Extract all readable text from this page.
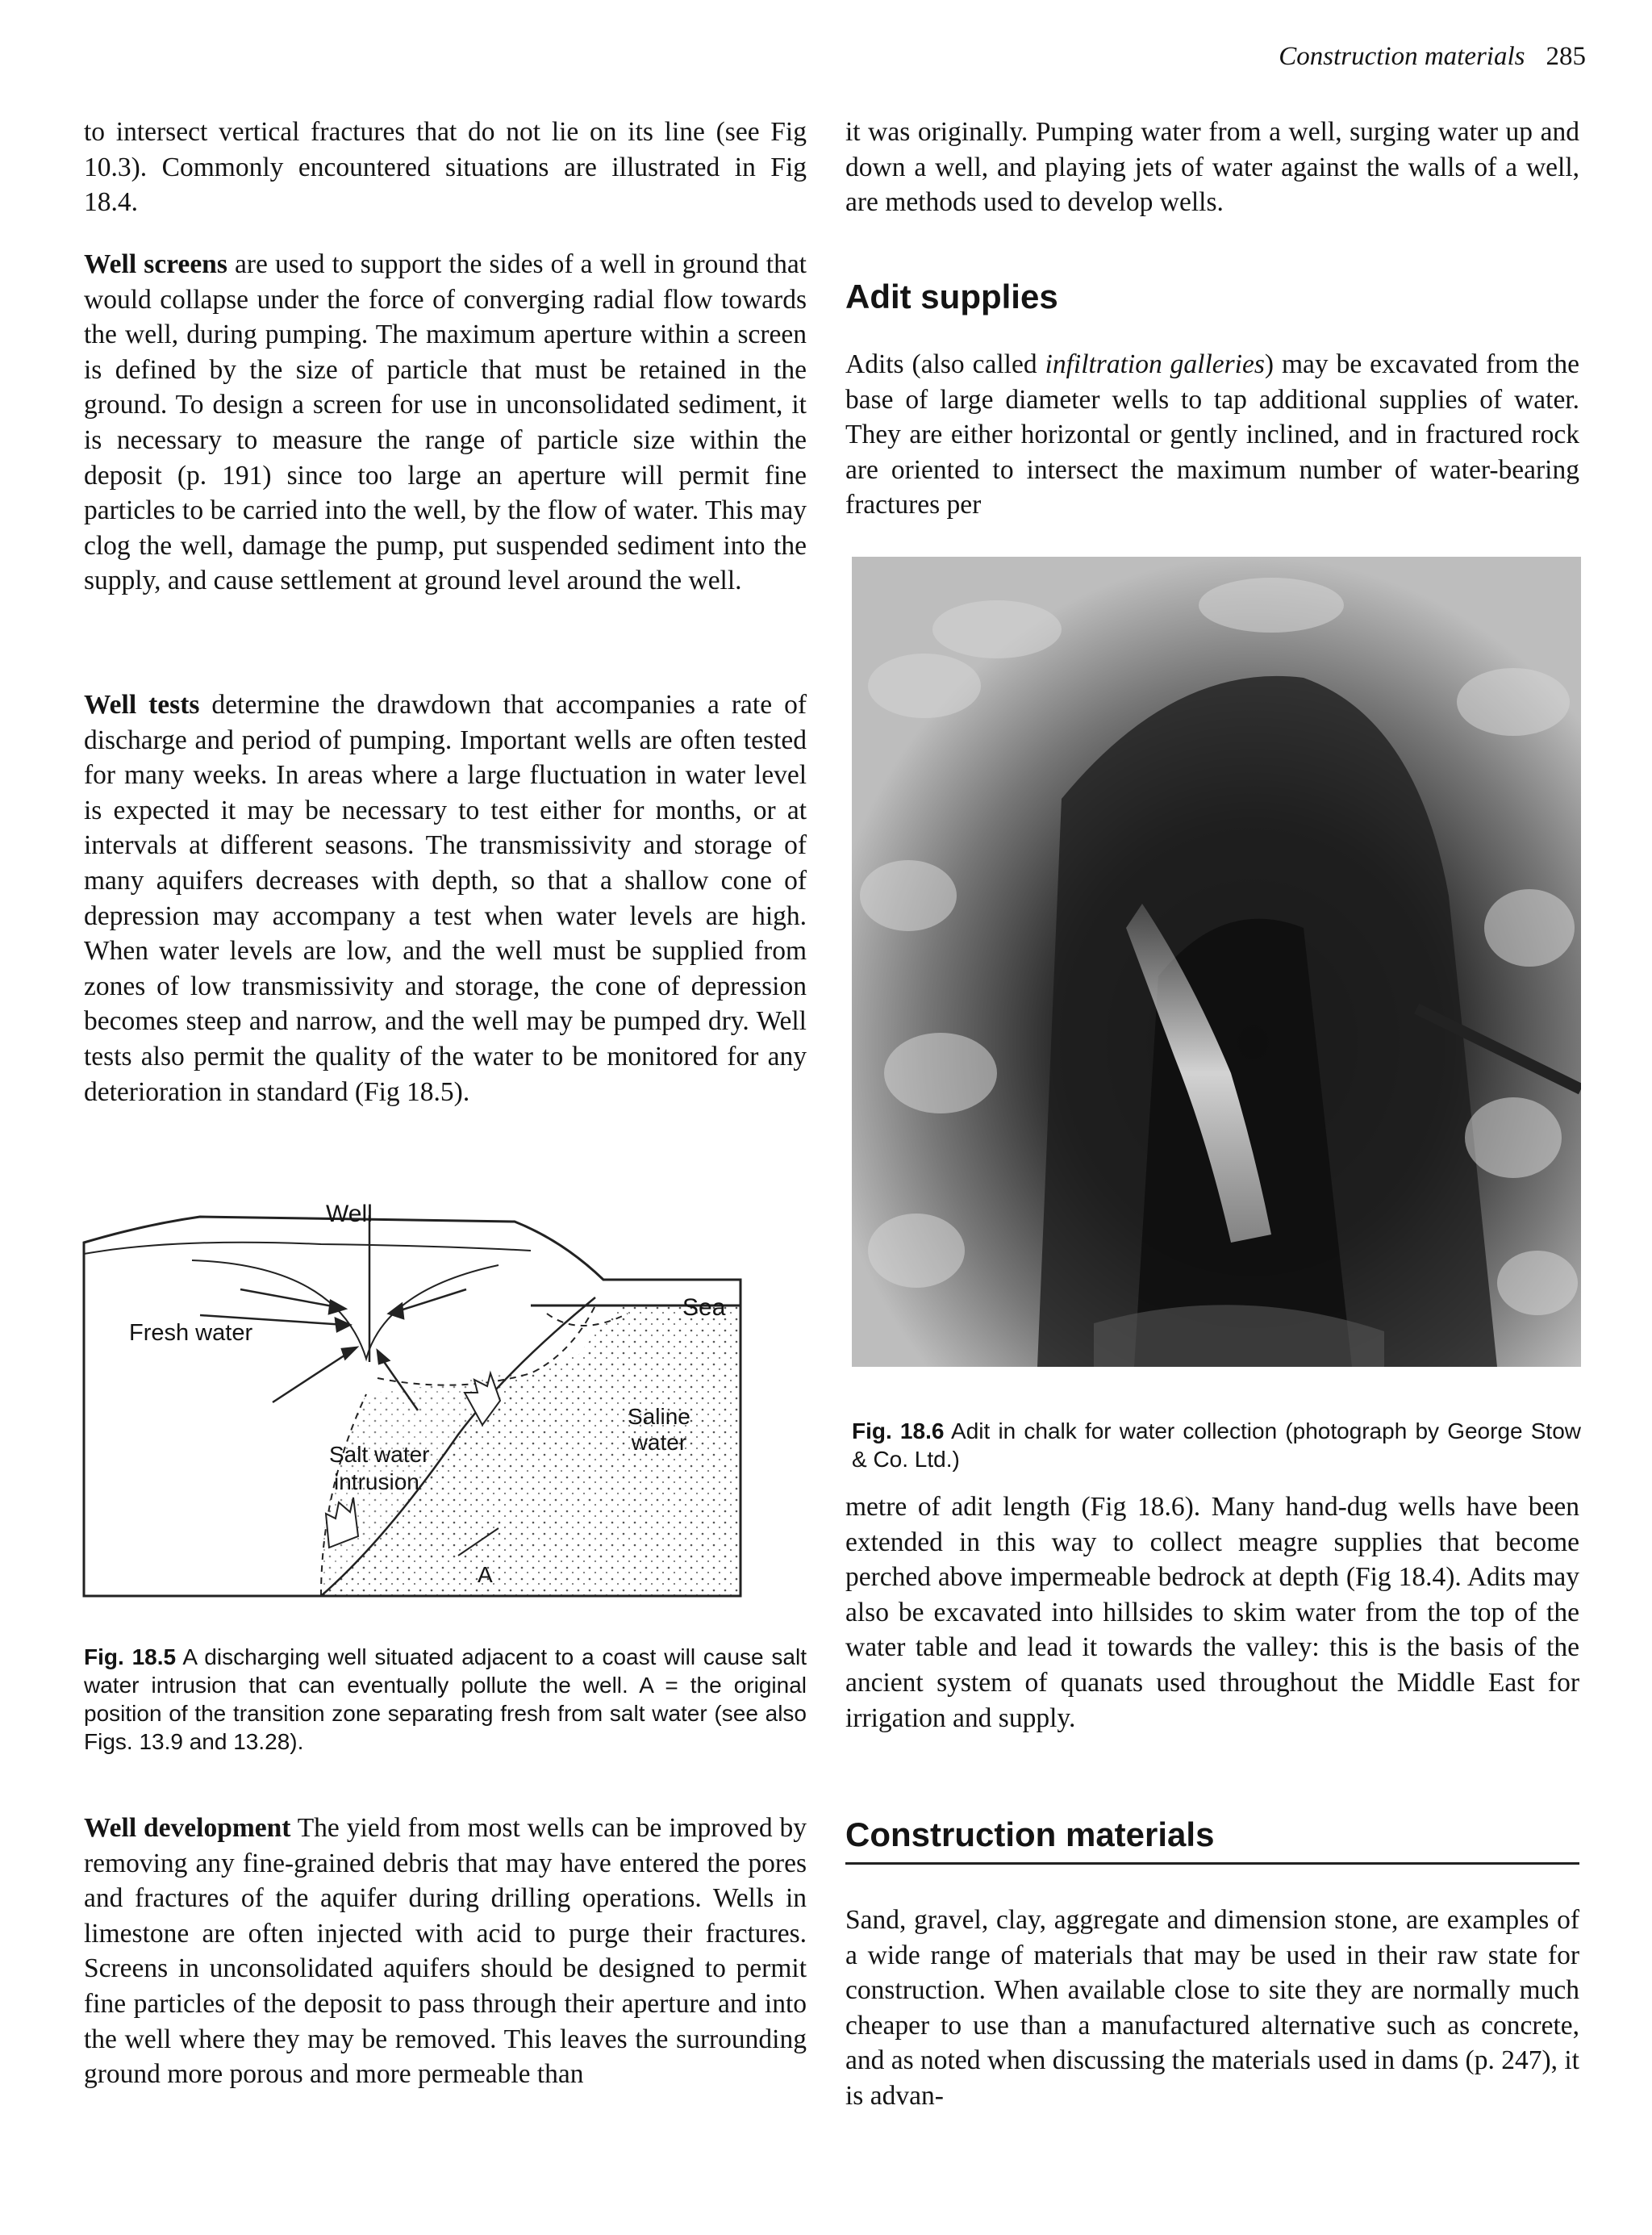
Construction materials 285

to intersect vertical fractures that do not lie on its line (see Fig 10.3). Commonly encountered situations are illustrated in Fig 18.4.

Well screens are used to support the sides of a well in ground that would collapse under the force of converging radial flow towards the well, during pumping. The maximum aperture within a screen is defined by the size of particle that must be retained in the ground. To design a screen for use in unconsolidated sediment, it is necessary to measure the range of particle size within the deposit (p. 191) since too large an aperture will permit fine particles to be carried into the well, by the flow of water. This may clog the well, damage the pump, put suspended sediment into the supply, and cause settlement at ground level around the well.

Well tests determine the drawdown that accompanies a rate of discharge and period of pumping. Important wells are often tested for many weeks. In areas where a large fluctuation in water level is expected it may be necessary to test either for months, or at intervals at different seasons. The transmissivity and storage of many aquifers decreases with depth, so that a shallow cone of depression may accompany a test when water levels are high. When water levels are low, and the well must be supplied from zones of low transmissivity and storage, the cone of depression becomes steep and narrow, and the well may be pumped dry. Well tests also permit the quality of the water to be monitored for any deterioration in standard (Fig 18.5).

Well
Sea
Fresh water
Saline
water
Salt water
intrusion
A
Fig. 18.5 A discharging well situated adjacent to a coast will cause salt water intrusion that can eventually pollute the well. A = the original position of the transition zone separating fresh from salt water (see also Figs. 13.9 and 13.28).

Well development The yield from most wells can be improved by removing any fine-grained debris that may have entered the pores and fractures of the aquifer during drilling operations. Wells in limestone are often injected with acid to purge their fractures. Screens in unconsolidated aquifers should be designed to permit fine particles of the deposit to pass through their aperture and into the well where they may be removed. This leaves the surrounding ground more porous and more permeable than

it was originally. Pumping water from a well, surging water up and down a well, and playing jets of water against the walls of a well, are methods used to develop wells.

Adit supplies

Adits (also called infiltration galleries) may be excavated from the base of large diameter wells to tap additional supplies of water. They are either horizontal or gently inclined, and in fractured rock are oriented to intersect the maximum number of water-bearing fractures per

Fig. 18.6 Adit in chalk for water collection (photograph by George Stow & Co. Ltd.)

metre of adit length (Fig 18.6). Many hand-dug wells have been extended in this way to collect meagre supplies that become perched above impermeable bedrock at depth (Fig 18.4). Adits may also be excavated into hillsides to skim water from the top of the water table and lead it towards the valley: this is the basis of the ancient system of quanats used throughout the Middle East for irrigation and supply.

Construction materials

Sand, gravel, clay, aggregate and dimension stone, are examples of a wide range of materials that may be used in their raw state for construction. When available close to site they are normally much cheaper to use than a manufactured alternative such as concrete, and as noted when discussing the materials used in dams (p. 247), it is advan-
